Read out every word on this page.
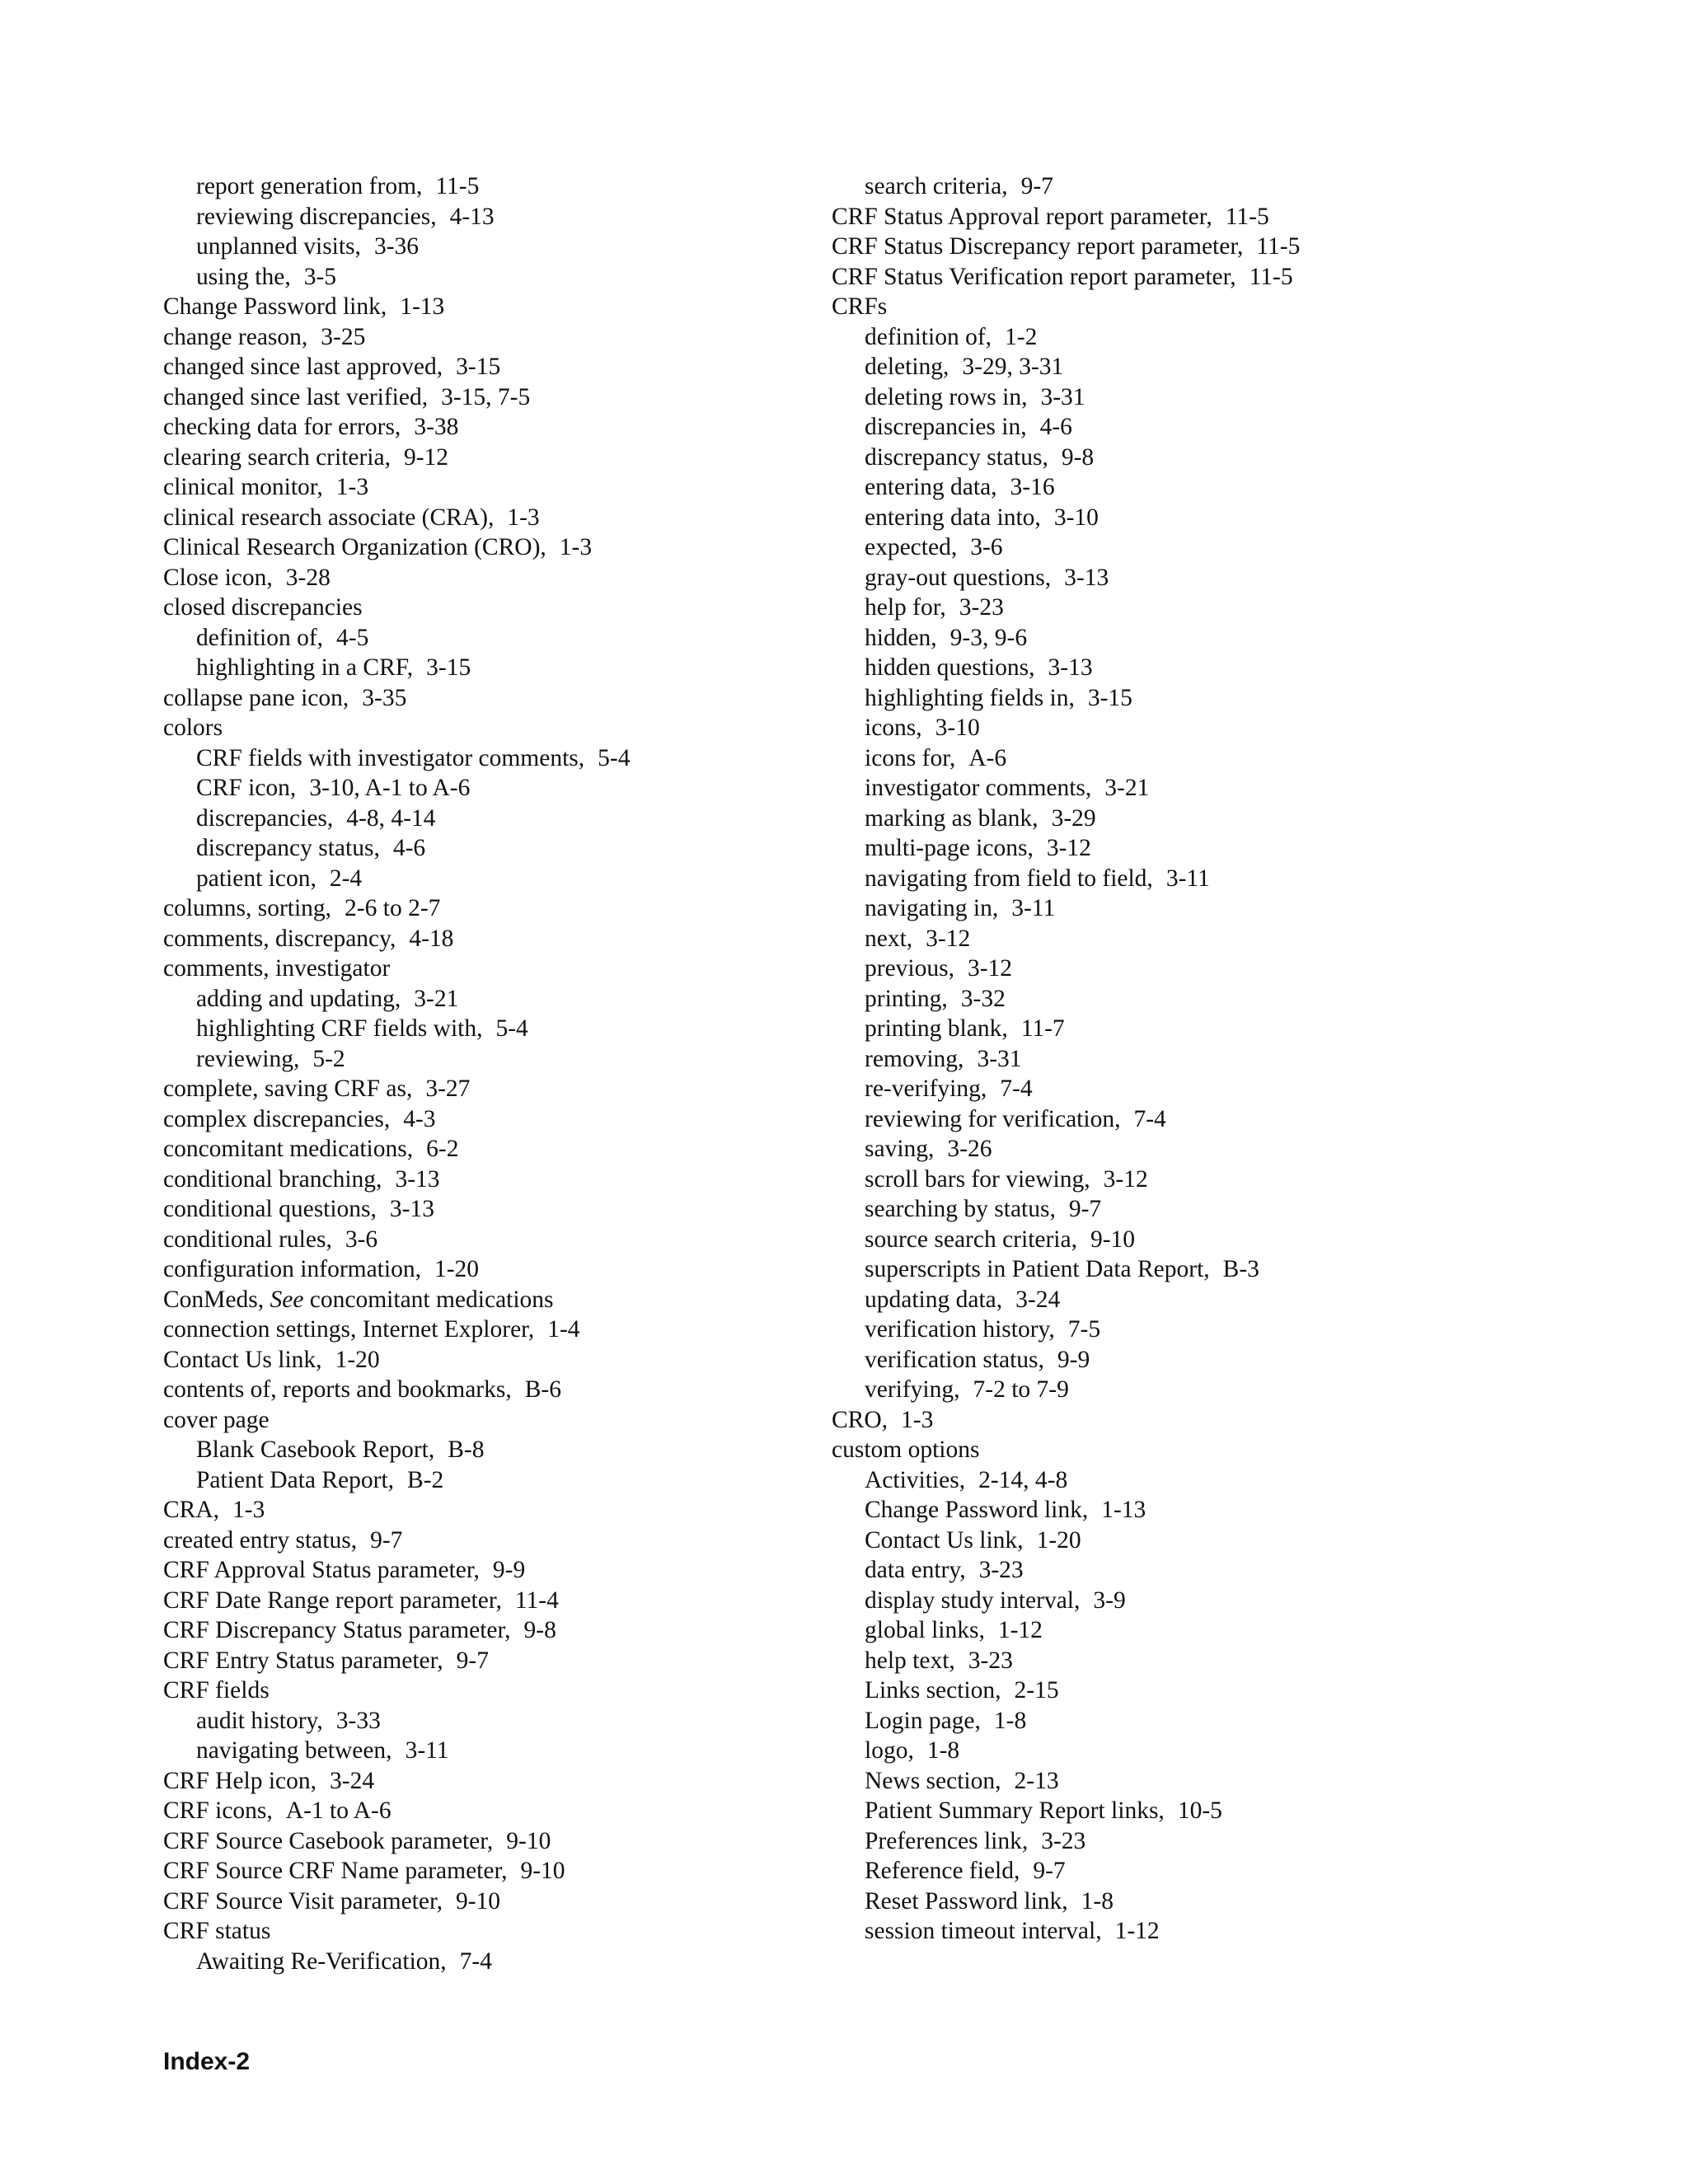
report generation from, 11-5
reviewing discrepancies, 4-13
unplanned visits, 3-36
using the, 3-5
Change Password link, 1-13
change reason, 3-25
changed since last approved, 3-15
changed since last verified, 3-15, 7-5
checking data for errors, 3-38
clearing search criteria, 9-12
clinical monitor, 1-3
clinical research associate (CRA), 1-3
Clinical Research Organization (CRO), 1-3
Close icon, 3-28
closed discrepancies
definition of, 4-5
highlighting in a CRF, 3-15
collapse pane icon, 3-35
colors
CRF fields with investigator comments, 5-4
CRF icon, 3-10, A-1 to A-6
discrepancies, 4-8, 4-14
discrepancy status, 4-6
patient icon, 2-4
columns, sorting, 2-6 to 2-7
comments, discrepancy, 4-18
comments, investigator
adding and updating, 3-21
highlighting CRF fields with, 5-4
reviewing, 5-2
complete, saving CRF as, 3-27
complex discrepancies, 4-3
concomitant medications, 6-2
conditional branching, 3-13
conditional questions, 3-13
conditional rules, 3-6
configuration information, 1-20
ConMeds, See concomitant medications
connection settings, Internet Explorer, 1-4
Contact Us link, 1-20
contents of, reports and bookmarks, B-6
cover page
Blank Casebook Report, B-8
Patient Data Report, B-2
CRA, 1-3
created entry status, 9-7
CRF Approval Status parameter, 9-9
CRF Date Range report parameter, 11-4
CRF Discrepancy Status parameter, 9-8
CRF Entry Status parameter, 9-7
CRF fields
audit history, 3-33
navigating between, 3-11
CRF Help icon, 3-24
CRF icons, A-1 to A-6
CRF Source Casebook parameter, 9-10
CRF Source CRF Name parameter, 9-10
CRF Source Visit parameter, 9-10
CRF status
Awaiting Re-Verification, 7-4
search criteria, 9-7
CRF Status Approval report parameter, 11-5
CRF Status Discrepancy report parameter, 11-5
CRF Status Verification report parameter, 11-5
CRFs
definition of, 1-2
deleting, 3-29, 3-31
deleting rows in, 3-31
discrepancies in, 4-6
discrepancy status, 9-8
entering data, 3-16
entering data into, 3-10
expected, 3-6
gray-out questions, 3-13
help for, 3-23
hidden, 9-3, 9-6
hidden questions, 3-13
highlighting fields in, 3-15
icons, 3-10
icons for, A-6
investigator comments, 3-21
marking as blank, 3-29
multi-page icons, 3-12
navigating from field to field, 3-11
navigating in, 3-11
next, 3-12
previous, 3-12
printing, 3-32
printing blank, 11-7
removing, 3-31
re-verifying, 7-4
reviewing for verification, 7-4
saving, 3-26
scroll bars for viewing, 3-12
searching by status, 9-7
source search criteria, 9-10
superscripts in Patient Data Report, B-3
updating data, 3-24
verification history, 7-5
verification status, 9-9
verifying, 7-2 to 7-9
CRO, 1-3
custom options
Activities, 2-14, 4-8
Change Password link, 1-13
Contact Us link, 1-20
data entry, 3-23
display study interval, 3-9
global links, 1-12
help text, 3-23
Links section, 2-15
Login page, 1-8
logo, 1-8
News section, 2-13
Patient Summary Report links, 10-5
Preferences link, 3-23
Reference field, 9-7
Reset Password link, 1-8
session timeout interval, 1-12
Index-2
